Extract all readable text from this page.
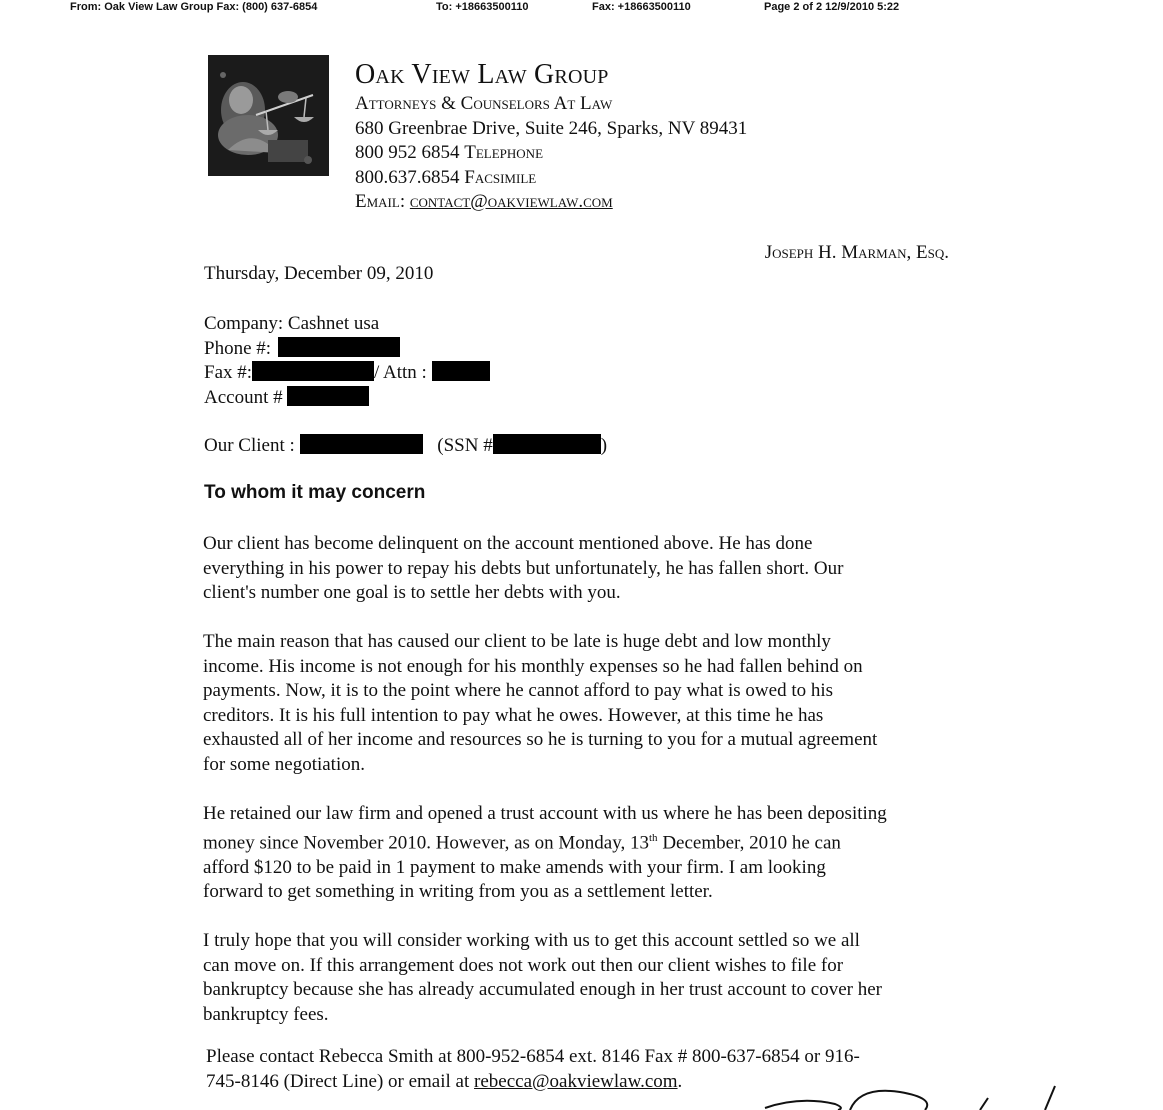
From: Oak View Law Group Fax: (800) 637-6854	To: +18663500110	Fax: +18663500110	Page 2 of 2 12/9/2010 5:22
Oak View Law Group
Attorneys & Counselors At Law
680 Greenbrae Drive, Suite 246, Sparks, NV 89431
800 952 6854 Telephone
800.637.6854 Facsimile
Email: contact@oakviewlaw.com
Joseph H. Marman, Esq.
Thursday, December 09, 2010
Company: Cashnet usa
Phone #:
Fax #:	/ Attn :
Account #
Our Client :	(SSN #	)
To whom it may concern

Our client has become delinquent on the account mentioned above. He has done
everything in his power to repay his debts but unfortunately, he has fallen short. Our
client's number one goal is to settle her debts with you.

The main reason that has caused our client to be late is huge debt and low monthly
income. His income is not enough for his monthly expenses so he had fallen behind on
payments. Now, it is to the point where he cannot afford to pay what is owed to his
creditors. It is his full intention to pay what he owes. However, at this time he has
exhausted all of her income and resources so he is turning to you for a mutual agreement
for some negotiation.

He retained our law firm and opened a trust account with us where he has been depositing
money since November 2010. However, as on Monday, 13th December, 2010 he can
afford $120 to be paid in 1 payment to make amends with your firm. I am looking
forward to get something in writing from you as a settlement letter.

I truly hope that you will consider working with us to get this account settled so we all
can move on. If this arrangement does not work out then our client wishes to file for
bankruptcy because she has already accumulated enough in her trust account to cover her
bankruptcy fees.

Please contact Rebecca Smith at 800-952-6854 ext. 8146 Fax # 800-637-6854 or 916-
745-8146 (Direct Line) or email at rebecca@oakviewlaw.com.
